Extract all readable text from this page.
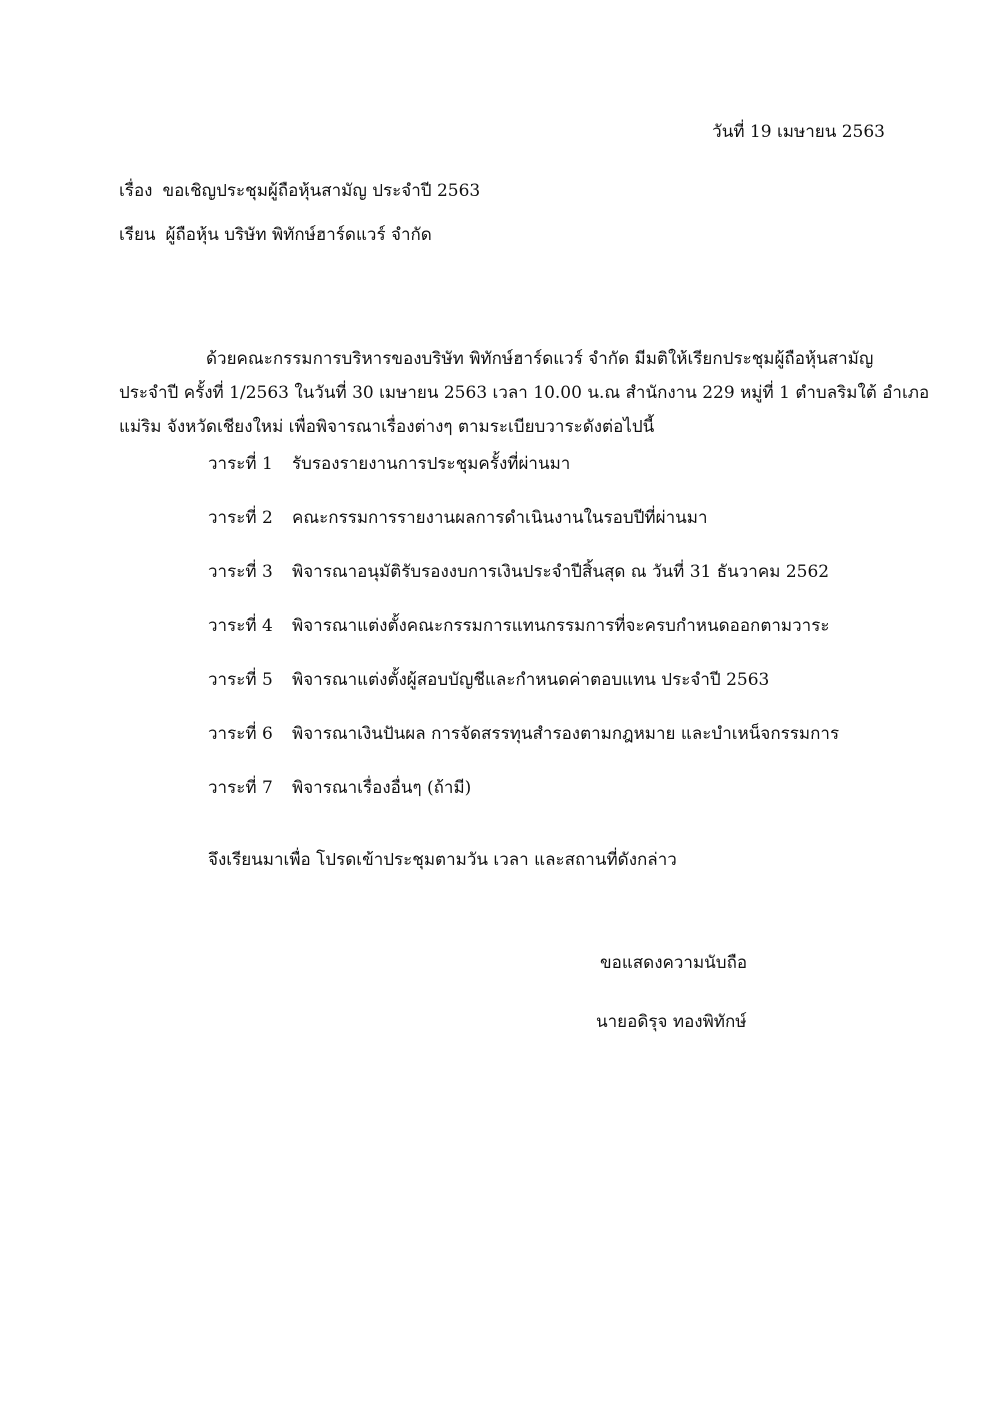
วันที่ 19 เมษายน 2563
เรื่อง ขอเชิญประชุมผู้ถือหุ้นสามัญ ประจำปี 2563
เรียน ผู้ถือหุ้น บริษัท พิทักษ์ฮาร์ดแวร์ จำกัด
ด้วยคณะกรรมการบริหารของบริษัท พิทักษ์ฮาร์ดแวร์ จำกัด มีมติให้เรียกประชุมผู้ถือหุ้นสามัญ
ประจำปี ครั้งที่ 1/2563 ในวันที่ 30 เมษายน 2563 เวลา 10.00 น.ณ สำนักงาน 229 หมู่ที่ 1 ตำบลริมใต้ อำเภอ
แม่ริม จังหวัดเชียงใหม่ เพื่อพิจารณาเรื่องต่างๆ ตามระเบียบวาระดังต่อไปนี้
วาระที่ 1	รับรองรายงานการประชุมครั้งที่ผ่านมา
วาระที่ 2	คณะกรรมการรายงานผลการดำเนินงานในรอบปีที่ผ่านมา
วาระที่ 3	พิจารณาอนุมัติรับรองงบการเงินประจำปีสิ้นสุด ณ วันที่ 31 ธันวาคม 2562
วาระที่ 4	พิจารณาแต่งตั้งคณะกรรมการแทนกรรมการที่จะครบกำหนดออกตามวาระ
วาระที่ 5	พิจารณาแต่งตั้งผู้สอบบัญชีและกำหนดค่าตอบแทน ประจำปี 2563
วาระที่ 6	พิจารณาเงินปันผล การจัดสรรทุนสำรองตามกฎหมาย และบำเหน็จกรรมการ
วาระที่ 7	พิจารณาเรื่องอื่นๆ (ถ้ามี)
จึงเรียนมาเพื่อ โปรดเข้าประชุมตามวัน เวลา และสถานที่ดังกล่าว
ขอแสดงความนับถือ
นายอดิรุจ ทองพิทักษ์
